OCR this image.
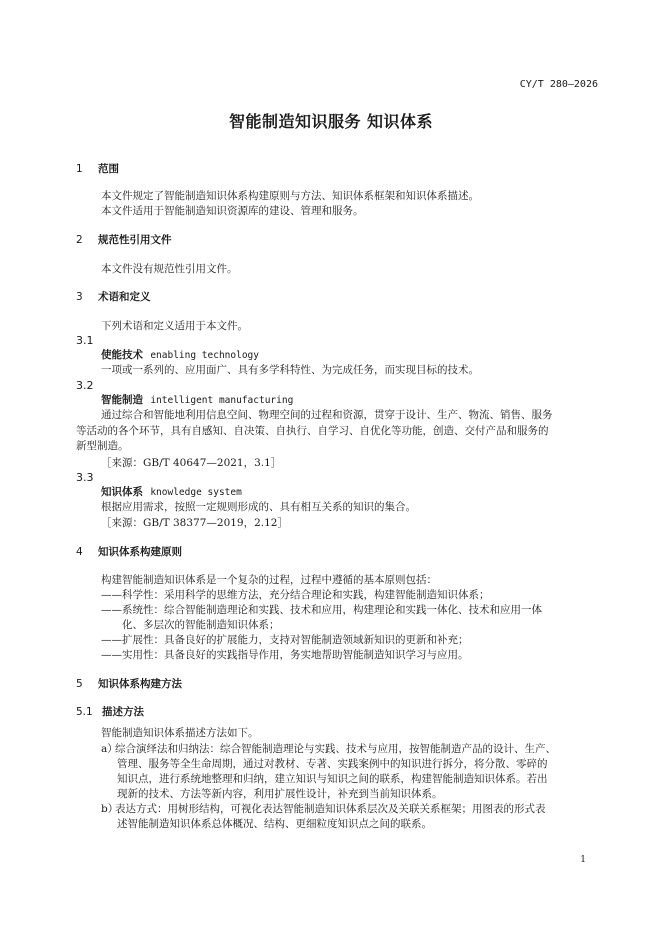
CY/T 280—2026
智能制造知识服务 知识体系
1 范围
本文件规定了智能制造知识体系构建原则与方法、知识体系框架和知识体系描述。
本文件适用于智能制造知识资源库的建设、管理和服务。
2 规范性引用文件
本文件没有规范性引用文件。
3 术语和定义
下列术语和定义适用于本文件。
3.1
使能技术 enabling technology
一项或一系列的、应用面广、具有多学科特性、为完成任务，而实现目标的技术。
3.2
智能制造 intelligent manufacturing
通过综合和智能地利用信息空间、物理空间的过程和资源，贯穿于设计、生产、物流、销售、服务
等活动的各个环节，具有自感知、自决策、自执行、自学习、自优化等功能，创造、交付产品和服务的
新型制造。
［来源：GB/T 40647—2021，3.1］
3.3
知识体系 knowledge system
根据应用需求，按照一定规则形成的、具有相互关系的知识的集合。
［来源：GB/T 38377—2019，2.12］
4 知识体系构建原则
构建智能制造知识体系是一个复杂的过程，过程中遵循的基本原则包括：
——科学性：采用科学的思维方法，充分结合理论和实践，构建智能制造知识体系；
——系统性：综合智能制造理论和实践、技术和应用，构建理论和实践一体化、技术和应用一体
化、多层次的智能制造知识体系；
——扩展性：具备良好的扩展能力，支持对智能制造领域新知识的更新和补充；
——实用性：具备良好的实践指导作用，务实地帮助智能制造知识学习与应用。
5 知识体系构建方法
5.1 描述方法
智能制造知识体系描述方法如下。
a）综合演绎法和归纳法：综合智能制造理论与实践、技术与应用，按智能制造产品的设计、生产、
管理、服务等全生命周期，通过对教材、专著、实践案例中的知识进行拆分，将分散、零碎的
知识点，进行系统地整理和归纳，建立知识与知识之间的联系，构建智能制造知识体系。若出
现新的技术、方法等新内容，利用扩展性设计，补充到当前知识体系。
b）表达方式：用树形结构，可视化表达智能制造知识体系层次及关联关系框架；用图表的形式表
述智能制造知识体系总体概况、结构、更细粒度知识点之间的联系。
1
